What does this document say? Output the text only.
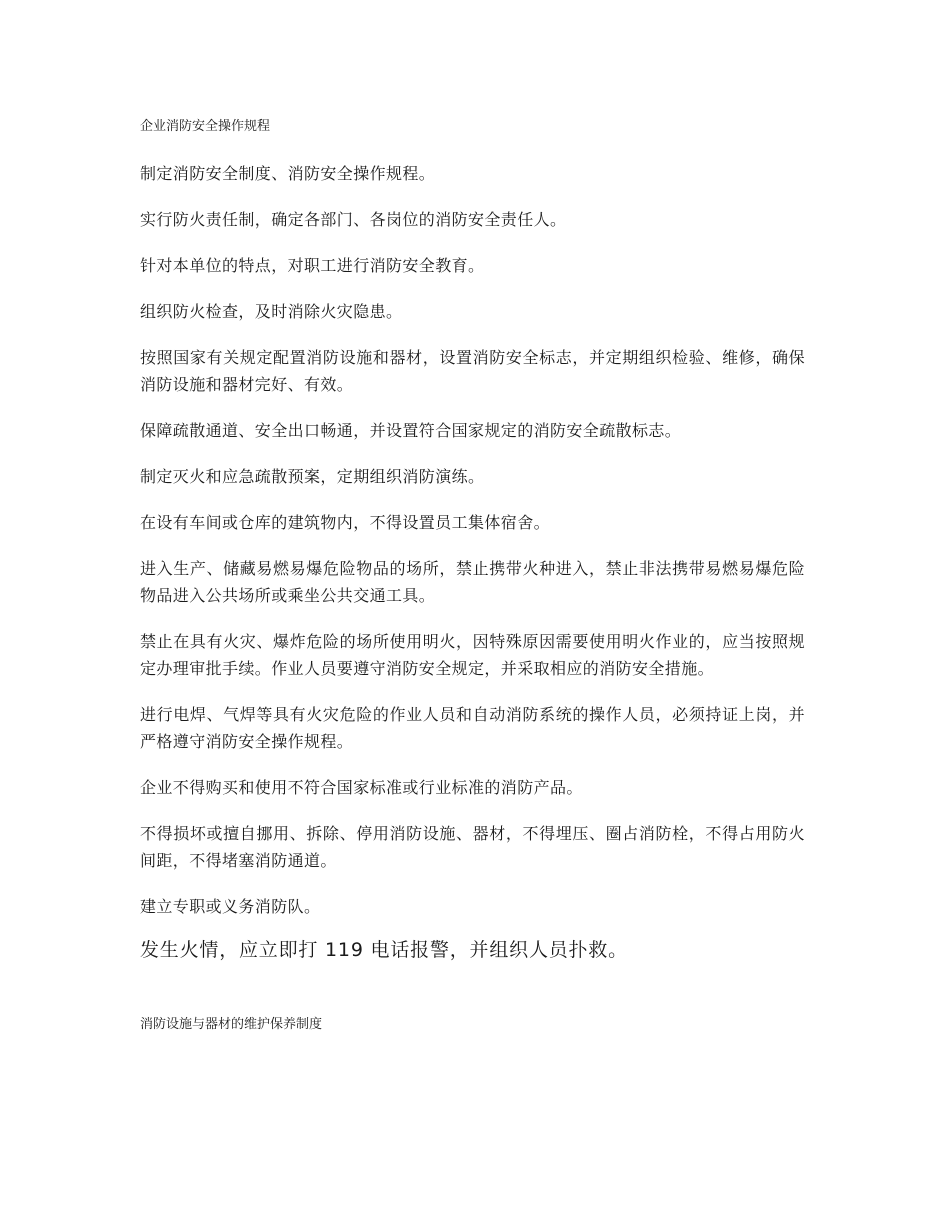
企业消防安全操作规程
制定消防安全制度、消防安全操作规程。
实行防火责任制，确定各部门、各岗位的消防安全责任人。
针对本单位的特点，对职工进行消防安全教育。
组织防火检查，及时消除火灾隐患。
按照国家有关规定配置消防设施和器材，设置消防安全标志，并定期组织检验、维修，确保消防设施和器材完好、有效。
保障疏散通道、安全出口畅通，并设置符合国家规定的消防安全疏散标志。
制定灭火和应急疏散预案，定期组织消防演练。
在设有车间或仓库的建筑物内，不得设置员工集体宿舍。
进入生产、储藏易燃易爆危险物品的场所，禁止携带火种进入，禁止非法携带易燃易爆危险物品进入公共场所或乘坐公共交通工具。
禁止在具有火灾、爆炸危险的场所使用明火，因特殊原因需要使用明火作业的，应当按照规定办理审批手续。作业人员要遵守消防安全规定，并采取相应的消防安全措施。
进行电焊、气焊等具有火灾危险的作业人员和自动消防系统的操作人员，必须持证上岗，并严格遵守消防安全操作规程。
企业不得购买和使用不符合国家标准或行业标准的消防产品。
不得损坏或擅自挪用、拆除、停用消防设施、器材，不得埋压、圈占消防栓，不得占用防火间距，不得堵塞消防通道。
建立专职或义务消防队。
发生火情，应立即打 119 电话报警，并组织人员扑救。
消防设施与器材的维护保养制度
